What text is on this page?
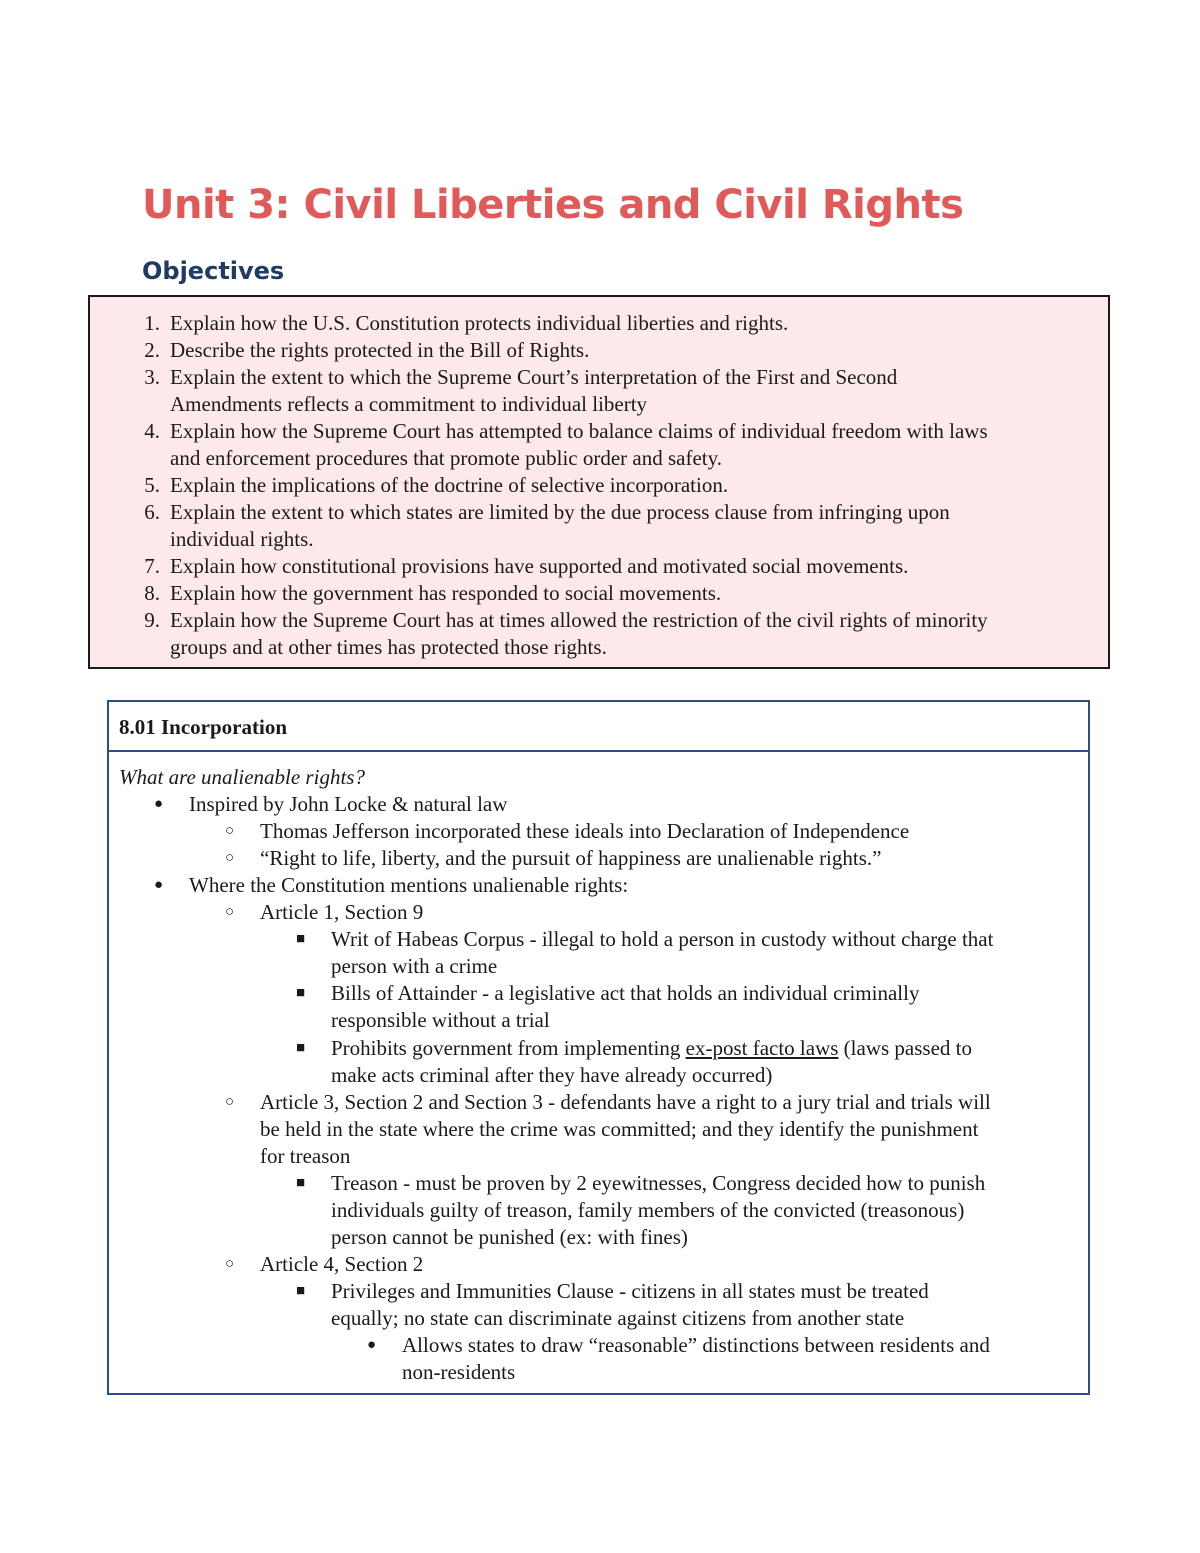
Unit 3: Civil Liberties and Civil Rights
Objectives
1. Explain how the U.S. Constitution protects individual liberties and rights.
2. Describe the rights protected in the Bill of Rights.
3. Explain the extent to which the Supreme Court’s interpretation of the First and Second
Amendments reflects a commitment to individual liberty
4. Explain how the Supreme Court has attempted to balance claims of individual freedom with laws
and enforcement procedures that promote public order and safety.
5. Explain the implications of the doctrine of selective incorporation.
6. Explain the extent to which states are limited by the due process clause from infringing upon
individual rights.
7. Explain how constitutional provisions have supported and motivated social movements.
8. Explain how the government has responded to social movements.
9. Explain how the Supreme Court has at times allowed the restriction of the civil rights of minority
groups and at other times has protected those rights.
8.01 Incorporation
What are unalienable rights?
● Inspired by John Locke & natural law
○ Thomas Jefferson incorporated these ideals into Declaration of Independence
○ “Right to life, liberty, and the pursuit of happiness are unalienable rights.”
● Where the Constitution mentions unalienable rights:
○ Article 1, Section 9
■ Writ of Habeas Corpus - illegal to hold a person in custody without charge that
person with a crime
■ Bills of Attainder - a legislative act that holds an individual criminally
responsible without a trial
■ Prohibits government from implementing ex-post facto laws (laws passed to
make acts criminal after they have already occurred)
○ Article 3, Section 2 and Section 3 - defendants have a right to a jury trial and trials will
be held in the state where the crime was committed; and they identify the punishment
for treason
■ Treason - must be proven by 2 eyewitnesses, Congress decided how to punish
individuals guilty of treason, family members of the convicted (treasonous)
person cannot be punished (ex: with fines)
○ Article 4, Section 2
■ Privileges and Immunities Clause - citizens in all states must be treated
equally; no state can discriminate against citizens from another state
● Allows states to draw “reasonable” distinctions between residents and
non-residents
